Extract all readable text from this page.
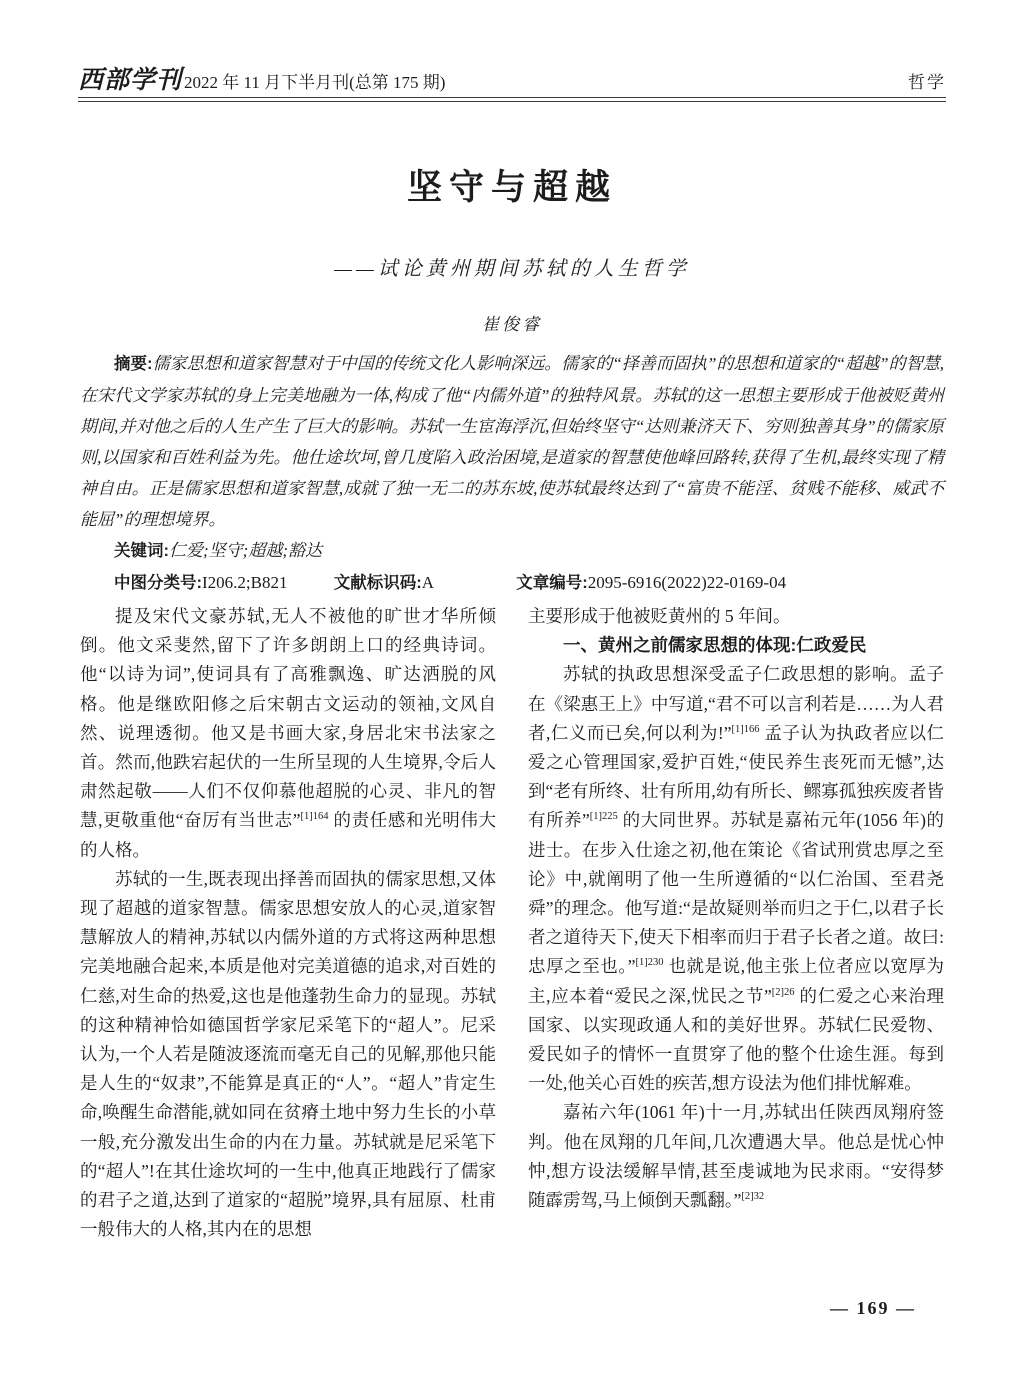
西部学刊 2022 年 11 月下半月刊(总第 175 期)	哲学
坚守与超越
——试论黄州期间苏轼的人生哲学
崔俊睿

摘要:儒家思想和道家智慧对于中国的传统文化人影响深远。儒家的“择善而固执”的思想和道家的“超越”的智慧,在宋代文学家苏轼的身上完美地融为一体,构成了他“内儒外道”的独特风景。苏轼的这一思想主要形成于他被贬黄州期间,并对他之后的人生产生了巨大的影响。苏轼一生宦海浮沉,但始终坚守“达则兼济天下、穷则独善其身”的儒家原则,以国家和百姓利益为先。他仕途坎坷,曾几度陷入政治困境,是道家的智慧使他峰回路转,获得了生机,最终实现了精神自由。正是儒家思想和道家智慧,成就了独一无二的苏东坡,使苏轼最终达到了“富贵不能淫、贫贱不能移、威武不能屈”的理想境界。

关键词:仁爱;坚守;超越;豁达

中图分类号:I206.2;B821	文献标识码:A	文章编号:2095-6916(2022)22-0169-04

提及宋代文豪苏轼,无人不被他的旷世才华所倾倒。他文采斐然,留下了许多朗朗上口的经典诗词。他“以诗为词”,使词具有了高雅飘逸、旷达洒脱的风格。他是继欧阳修之后宋朝古文运动的领袖,文风自然、说理透彻。他又是书画大家,身居北宋书法家之首。然而,他跌宕起伏的一生所呈现的人生境界,令后人肃然起敬——人们不仅仰慕他超脱的心灵、非凡的智慧,更敬重他“奋厉有当世志”$^{[1]164}$ 的责任感和光明伟大的人格。

苏轼的一生,既表现出择善而固执的儒家思想,又体现了超越的道家智慧。儒家思想安放人的心灵,道家智慧解放人的精神,苏轼以内儒外道的方式将这两种思想完美地融合起来,本质是他对完美道德的追求,对百姓的仁慈,对生命的热爱,这也是他蓬勃生命力的显现。苏轼的这种精神恰如德国哲学家尼采笔下的“超人”。尼采认为,一个人若是随波逐流而毫无自己的见解,那他只能是人生的“奴隶”,不能算是真正的“人”。“超人”肯定生命,唤醒生命潜能,就如同在贫瘠土地中努力生长的小草一般,充分激发出生命的内在力量。苏轼就是尼采笔下的“超人”!在其仕途坎坷的一生中,他真正地践行了儒家的君子之道,达到了道家的“超脱”境界,具有屈原、杜甫一般伟大的人格,其内在的思想

主要形成于他被贬黄州的 5 年间。

一、黄州之前儒家思想的体现:仁政爱民

苏轼的执政思想深受孟子仁政思想的影响。孟子在《梁惠王上》中写道,“君不可以言利若是……为人君者,仁义而已矣,何以利为!”$^{[1]166}$ 孟子认为执政者应以仁爱之心管理国家,爱护百姓,“使民养生丧死而无憾”,达到“老有所终、壮有所用,幼有所长、鳏寡孤独疾废者皆有所养”$^{[1]225}$ 的大同世界。苏轼是嘉祐元年(1056 年)的进士。在步入仕途之初,他在策论《省试刑赏忠厚之至论》中,就阐明了他一生所遵循的“以仁治国、至君尧舜”的理念。他写道:“是故疑则举而归之于仁,以君子长者之道待天下,使天下相率而归于君子长者之道。故曰:忠厚之至也。”$^{[1]230}$ 也就是说,他主张上位者应以宽厚为主,应本着“爱民之深,忧民之节”$^{[2]26}$ 的仁爱之心来治理国家、以实现政通人和的美好世界。苏轼仁民爱物、爱民如子的情怀一直贯穿了他的整个仕途生涯。每到一处,他关心百姓的疾苦,想方设法为他们排忧解难。

嘉祐六年(1061 年)十一月,苏轼出任陕西凤翔府签判。他在凤翔的几年间,几次遭遇大旱。他总是忧心忡忡,想方设法缓解旱情,甚至虔诚地为民求雨。“安得梦随霹雳驾,马上倾倒天瓢翻。”$^{[2]32}$

— 169 —
